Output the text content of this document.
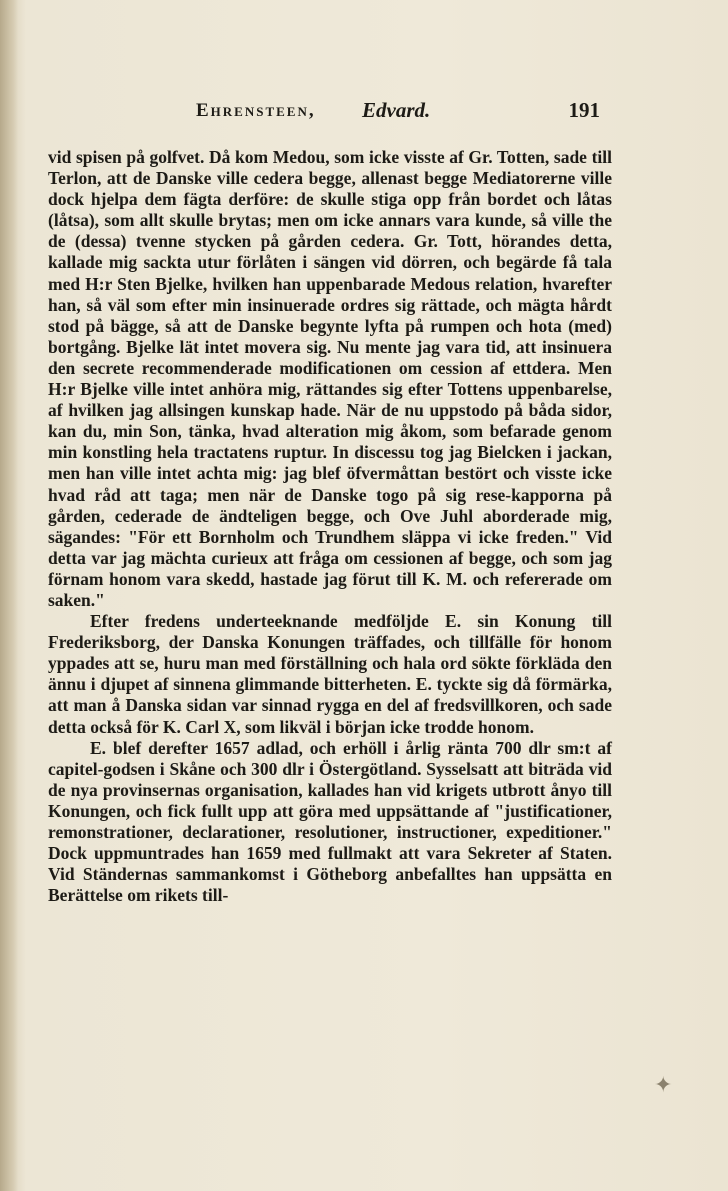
Ehrensteen, Edvard.	191

vid spisen på golfvet. Då kom Medou, som icke visste af Gr. Totten, sade till Terlon, att de Danske ville cedera begge, allenast begge Mediatorerne ville dock hjelpa dem fägta derföre: de skulle stiga opp från bordet och låtas (låtsa), som allt skulle brytas; men om icke annars vara kunde, så ville the de (dessa) tvenne stycken på gården cedera. Gr. Tott, hörandes detta, kallade mig sackta utur förlåten i sängen vid dörren, och begärde få tala med H:r Sten Bjelke, hvilken han uppenbarade Medous relation, hvarefter han, så väl som efter min insinuerade ordres sig rättade, och mägta hårdt stod på bägge, så att de Danske begynte lyfta på rumpen och hota (med) bortgång. Bjelke lät intet movera sig. Nu mente jag vara tid, att insinuera den secrete recommenderade modificationen om cession af ettdera. Men H:r Bjelke ville intet anhöra mig, rättandes sig efter Tottens uppenbarelse, af hvilken jag allsingen kunskap hade. När de nu uppstodo på båda sidor, kan du, min Son, tänka, hvad alteration mig åkom, som befarade genom min konstling hela tractatens ruptur. In discessu tog jag Bielcken i jackan, men han ville intet achta mig: jag blef öfvermåttan bestört och visste icke hvad råd att taga; men när de Danske togo på sig rese-kapporna på gården, cederade de ändteligen begge, och Ove Juhl aborderade mig, sägandes: "För ett Bornholm och Trundhem släppa vi icke freden." Vid detta var jag mächta curieux att fråga om cessionen af begge, och som jag förnam honom vara skedd, hastade jag förut till K. M. och refererade om saken."

Efter fredens underteeknande medföljde E. sin Konung till Frederiksborg, der Danska Konungen träffades, och tillfälle för honom yppades att se, huru man med förställning och hala ord sökte förkläda den ännu i djupet af sinnena glimmande bitterheten. E. tyckte sig då förmärka, att man å Danska sidan var sinnad rygga en del af fredsvillkoren, och sade detta också för K. Carl X, som likväl i början icke trodde honom.

E. blef derefter 1657 adlad, och erhöll i årlig ränta 700 dlr sm:t af capitel-godsen i Skåne och 300 dlr i Östergötland. Sysselsatt att biträda vid de nya provinsernas organisation, kallades han vid krigets utbrott ånyo till Konungen, och fick fullt upp att göra med uppsättande af "justificationer, remonstrationer, declarationer, resolutioner, instructioner, expeditioner." Dock uppmuntrades han 1659 med fullmakt att vara Sekreter af Staten. Vid Ständernas sammankomst i Götheborg anbefalltes han uppsätta en Berättelse om rikets till-

✦
